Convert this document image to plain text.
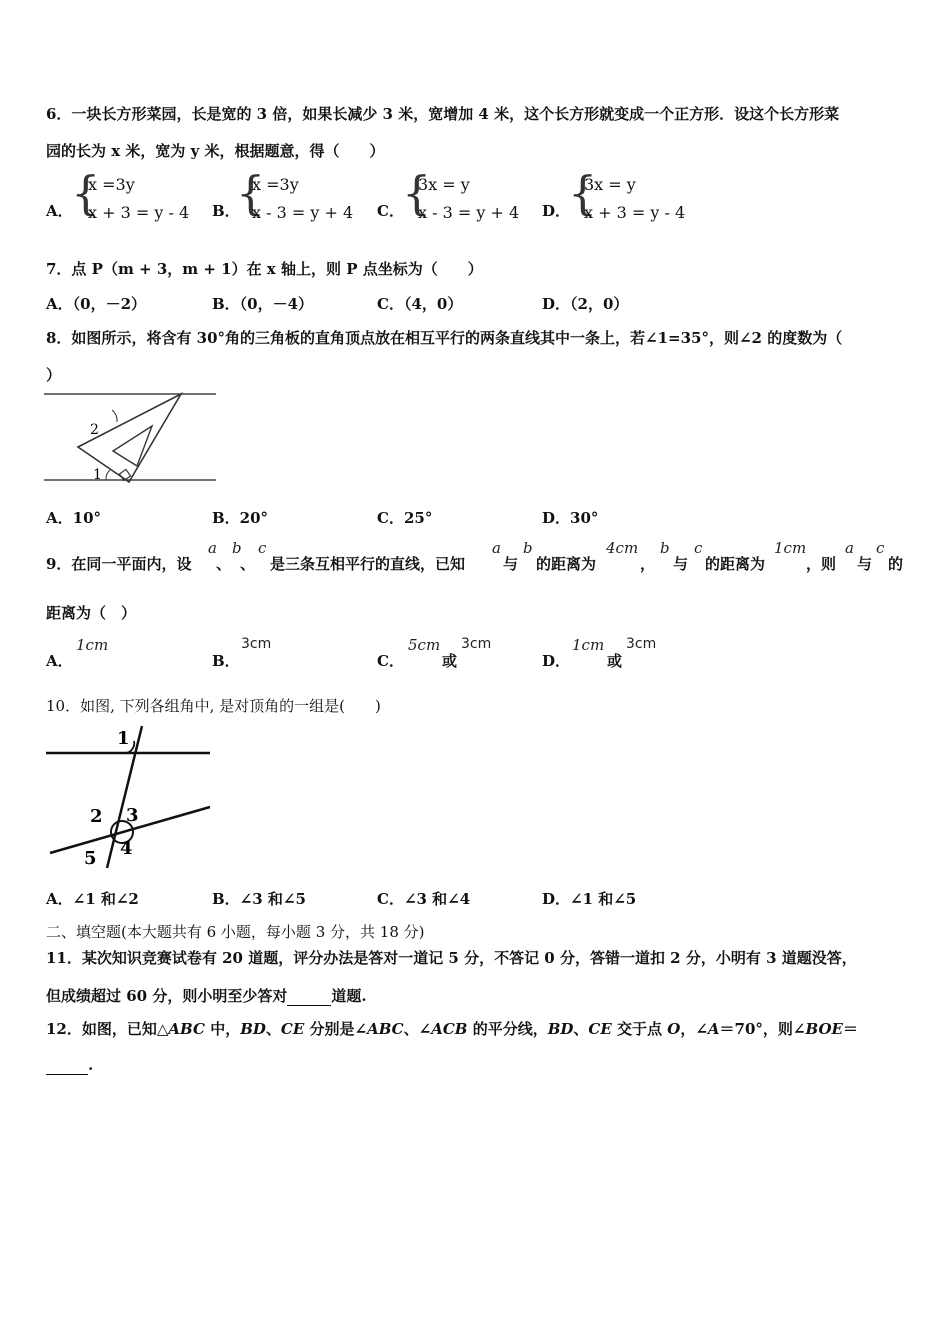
6．一块长方形菜园，长是宽的 3 倍，如果长减少 3 米，宽增加 4 米，这个长方形就变成一个正方形．设这个长方形菜
园的长为 x 米，宽为 y 米，根据题意，得（　　）
A．
{
x =3y
x + 3 = y - 4 B．
{
x =3y
x - 3 = y + 4 C．
{
3x = y
x - 3 = y + 4 D．
{
3x = y
x + 3 = y - 4
7．点 P（m + 3，m + 1）在 x 轴上，则 P 点坐标为（　　）
A．（0，－2）	B．（0，－4）	C．（4，0）	D．（2，0）
8．如图所示，将含有 30°角的三角板的直角顶点放在相互平行的两条直线其中一条上，若∠1=35°，则∠2 的度数为（
）
2
1
A．10°	B．20°	C．25°	D．30°
9．在同一平面内，设
a
、
b
、
c
是三条互相平行的直线，已知
a
与
b
的距离为
4cm
，
b
与
c
的距离为
1cm
，则
a
与
c
的
距离为（　）
A．
1cm
B．
3cm
C．
5cm
或
3cm
D．
1cm
或
3cm
10．如图, 下列各组角中, 是对顶角的一组是(　　)
1
2 3
5 4
A．∠1 和∠2	B．∠3 和∠5	C．∠3 和∠4	D．∠1 和∠5
二、填空题(本大题共有 6 小题，每小题 3 分，共 18 分)
11．某次知识竞赛试卷有 20 道题，评分办法是答对一道记 5 分，不答记 0 分，答错一道扣 2 分，小明有 3 道题没答，
但成绩超过 60 分，则小明至少答对	道题.
12．如图，已知△ABC 中，BD、CE 分别是∠ABC、∠ACB 的平分线，BD、CE 交于点 O，∠A＝70°，则∠BOE＝
.
